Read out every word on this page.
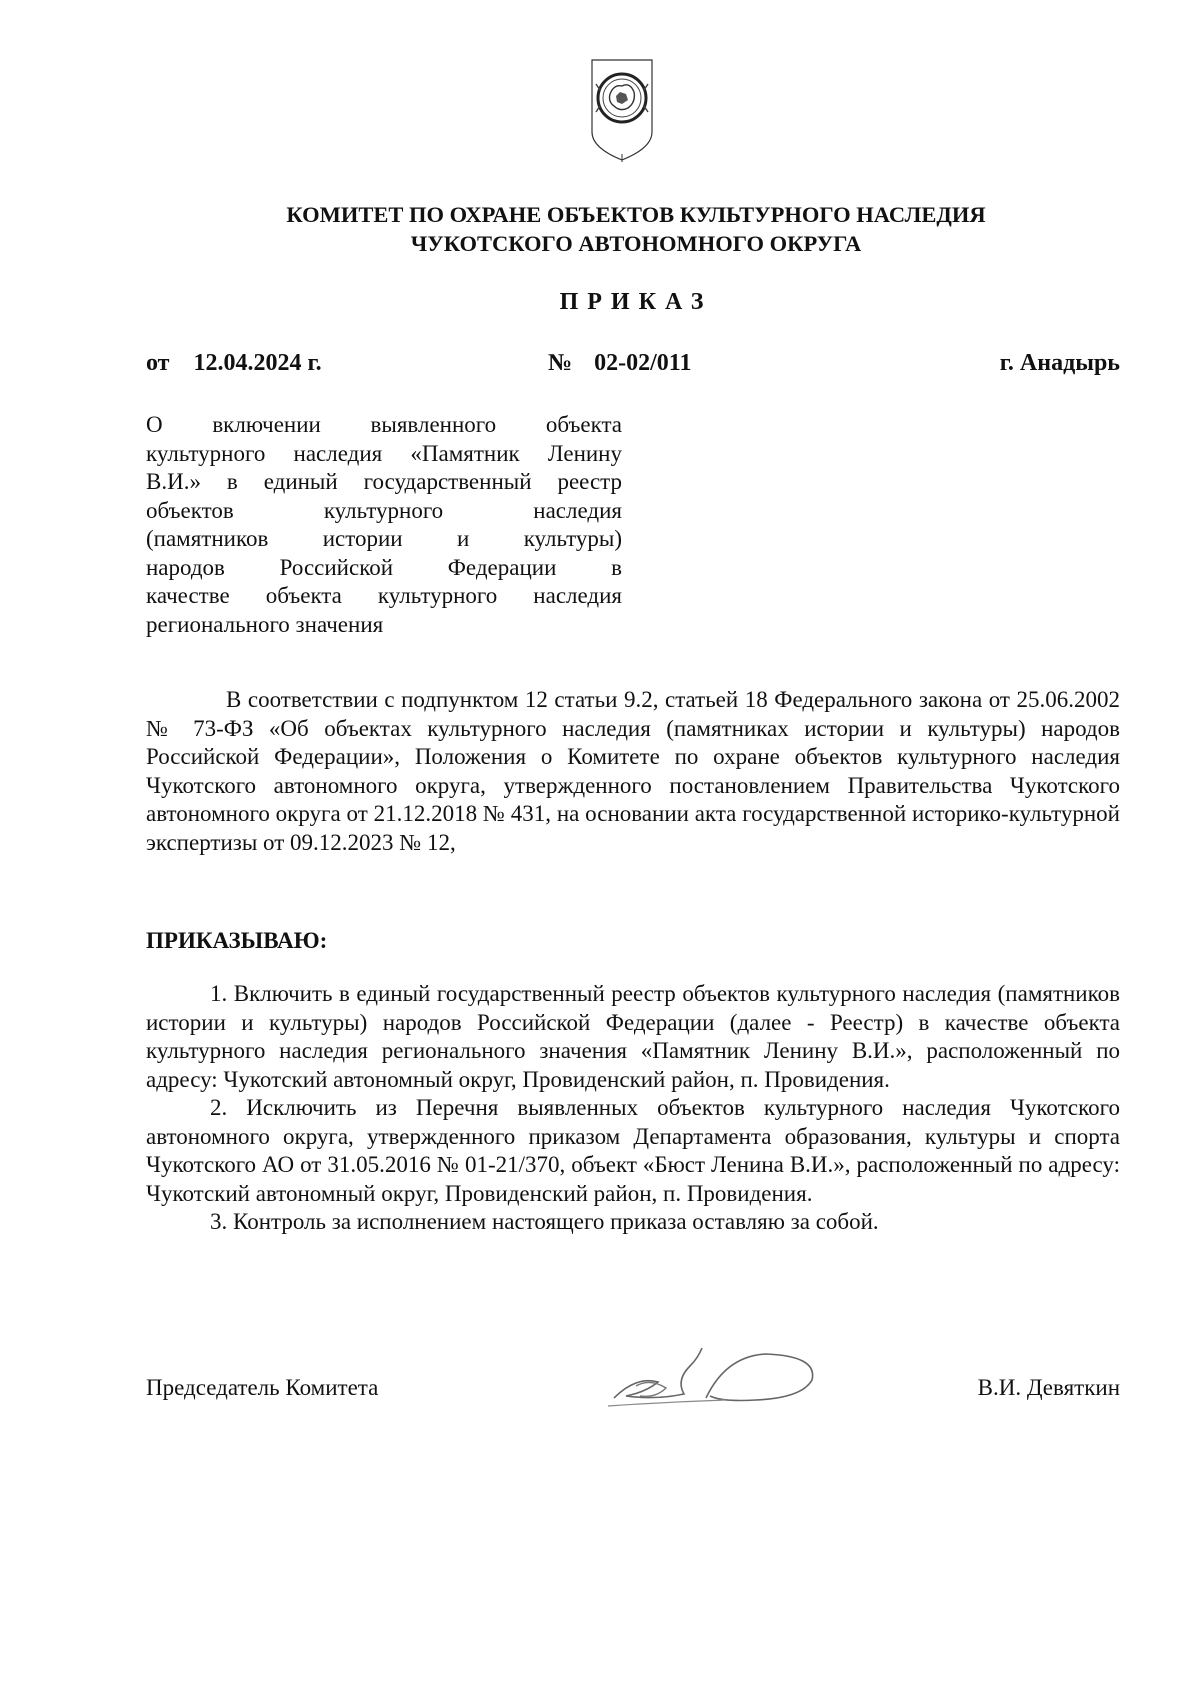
КОМИТЕТ ПО ОХРАНЕ ОБЪЕКТОВ КУЛЬТУРНОГО НАСЛЕДИЯ
ЧУКОТСКОГО АВТОНОМНОГО ОКРУГА
ПРИКАЗ
от 12.04.2024 г.	№ 02-02/011	г. Анадырь
О включении выявленного объекта
культурного наследия «Памятник Ленину
В.И.» в единый государственный реестр
объектов культурного наследия
(памятников истории и культуры)
народов Российской Федерации в
качестве объекта культурного наследия
регионального значения

В соответствии с подпунктом 12 статьи 9.2, статьей 18 Федерального закона от 25.06.2002 № 73-ФЗ «Об объектах культурного наследия (памятниках истории и культуры) народов Российской Федерации», Положения о Комитете по охране объектов культурного наследия Чукотского автономного округа, утвержденного постановлением Правительства Чукотского автономного округа от 21.12.2018 № 431, на основании акта государственной историко-культурной экспертизы от 09.12.2023 № 12,

ПРИКАЗЫВАЮ:

1. Включить в единый государственный реестр объектов культурного наследия (памятников истории и культуры) народов Российской Федерации (далее - Реестр) в качестве объекта культурного наследия регионального значения «Памятник Ленину В.И.», расположенный по адресу: Чукотский автономный округ, Провиденский район, п. Провидения.

2. Исключить из Перечня выявленных объектов культурного наследия Чукотского автономного округа, утвержденного приказом Департамента образования, культуры и спорта Чукотского АО от 31.05.2016 № 01-21/370, объект «Бюст Ленина В.И.», расположенный по адресу: Чукотский автономный округ, Провиденский район, п. Провидения.

3. Контроль за исполнением настоящего приказа оставляю за собой.

Председатель Комитета	В.И. Девяткин
